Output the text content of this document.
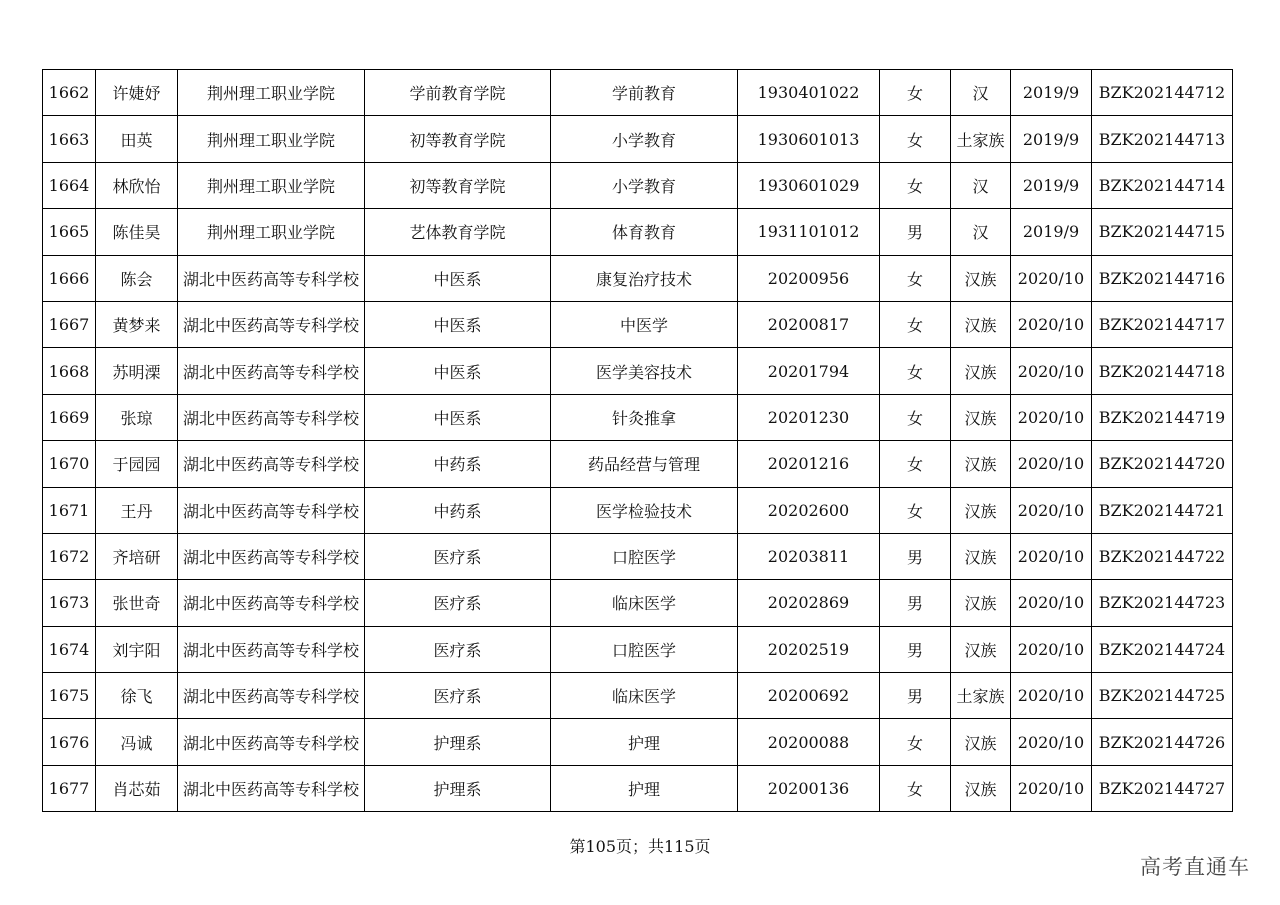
1662	许婕妤	荆州理工职业学院	学前教育学院	学前教育	1930401022	女	汉	2019/9	BZK202144712
1663	田英	荆州理工职业学院	初等教育学院	小学教育	1930601013	女	土家族	2019/9	BZK202144713
1664	林欣怡	荆州理工职业学院	初等教育学院	小学教育	1930601029	女	汉	2019/9	BZK202144714
1665	陈佳昊	荆州理工职业学院	艺体教育学院	体育教育	1931101012	男	汉	2019/9	BZK202144715
1666	陈会	湖北中医药高等专科学校	中医系	康复治疗技术	20200956	女	汉族	2020/10	BZK202144716
1667	黄梦来	湖北中医药高等专科学校	中医系	中医学	20200817	女	汉族	2020/10	BZK202144717
1668	苏明溧	湖北中医药高等专科学校	中医系	医学美容技术	20201794	女	汉族	2020/10	BZK202144718
1669	张琼	湖北中医药高等专科学校	中医系	针灸推拿	20201230	女	汉族	2020/10	BZK202144719
1670	于园园	湖北中医药高等专科学校	中药系	药品经营与管理	20201216	女	汉族	2020/10	BZK202144720
1671	王丹	湖北中医药高等专科学校	中药系	医学检验技术	20202600	女	汉族	2020/10	BZK202144721
1672	齐培研	湖北中医药高等专科学校	医疗系	口腔医学	20203811	男	汉族	2020/10	BZK202144722
1673	张世奇	湖北中医药高等专科学校	医疗系	临床医学	20202869	男	汉族	2020/10	BZK202144723
1674	刘宇阳	湖北中医药高等专科学校	医疗系	口腔医学	20202519	男	汉族	2020/10	BZK202144724
1675	徐飞	湖北中医药高等专科学校	医疗系	临床医学	20200692	男	土家族	2020/10	BZK202144725
1676	冯诚	湖北中医药高等专科学校	护理系	护理	20200088	女	汉族	2020/10	BZK202144726
1677	肖芯茹	湖北中医药高等专科学校	护理系	护理	20200136	女	汉族	2020/10	BZK202144727
第105页；共115页
高考直通车
